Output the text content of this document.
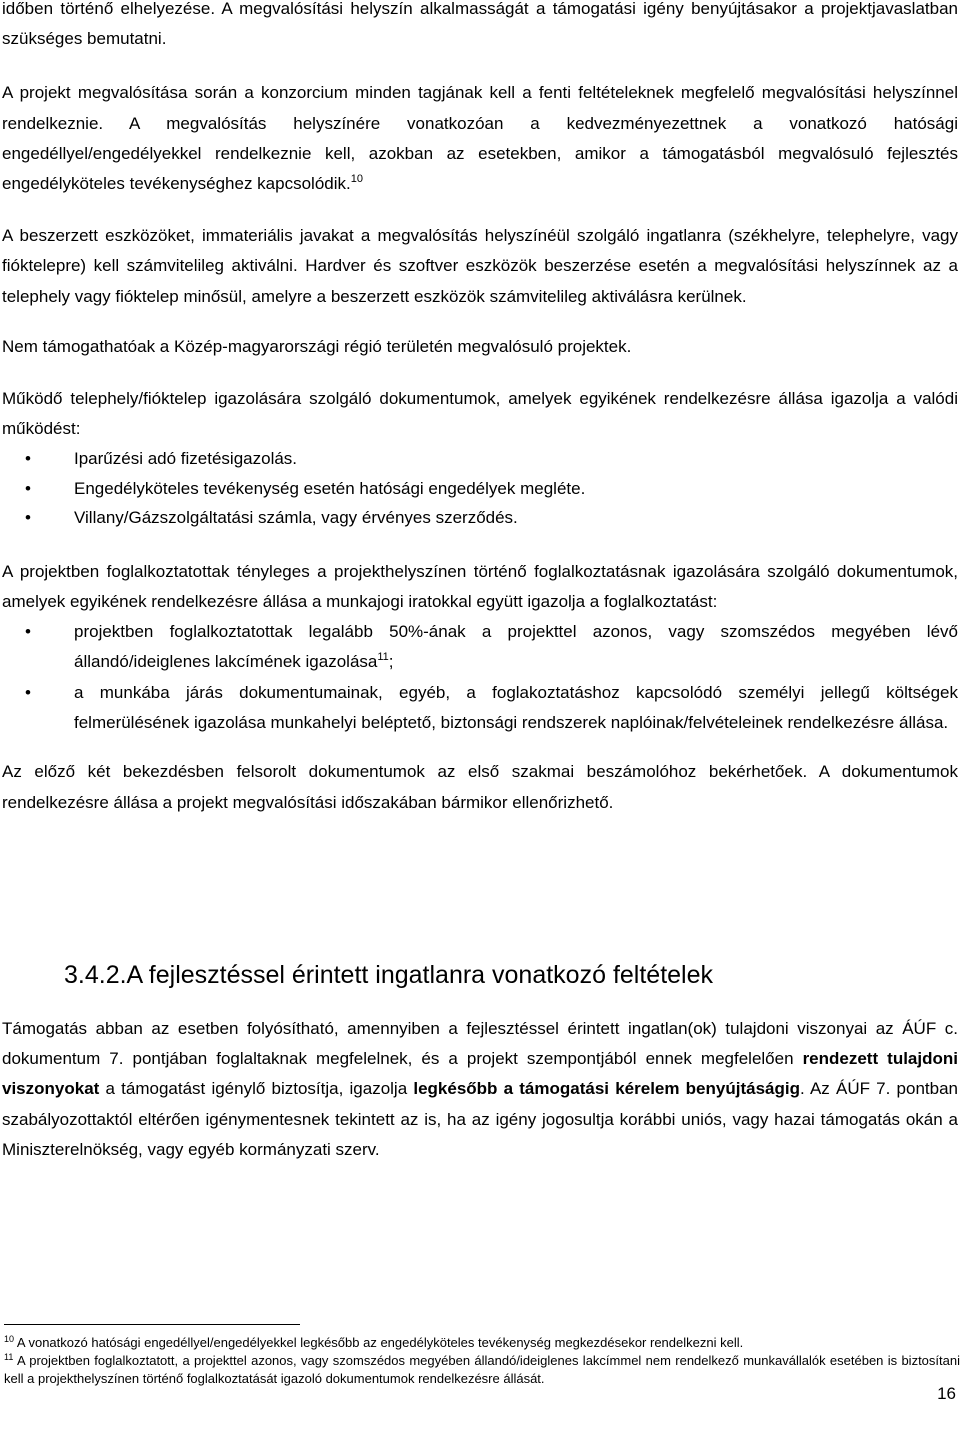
időben történő elhelyezése. A megvalósítási helyszín alkalmasságát a támogatási igény benyújtásakor a projektjavaslatban szükséges bemutatni.

A projekt megvalósítása során a konzorcium minden tagjának kell a fenti feltételeknek megfelelő megvalósítási helyszínnel rendelkeznie. A megvalósítás helyszínére vonatkozóan a kedvezményezettnek a vonatkozó hatósági engedéllyel/engedélyekkel rendelkeznie kell, azokban az esetekben, amikor a támogatásból megvalósuló fejlesztés engedélyköteles tevékenységhez kapcsolódik.$^{10}$

A beszerzett eszközöket, immateriális javakat a megvalósítás helyszínéül szolgáló ingatlanra (székhelyre, telephelyre, vagy fióktelepre) kell számvitelileg aktiválni. Hardver és szoftver eszközök beszerzése esetén a megvalósítási helyszínnek az a telephely vagy fióktelep minősül, amelyre a beszerzett eszközök számvitelileg aktiválásra kerülnek.

Nem támogathatóak a Közép-magyarországi régió területén megvalósuló projektek.

Működő telephely/fióktelep igazolására szolgáló dokumentumok, amelyek egyikének rendelkezésre állása igazolja a valódi működést:

•	Iparűzési adó fizetésigazolás.
•	Engedélyköteles tevékenység esetén hatósági engedélyek megléte.
•	Villany/Gázszolgáltatási számla, vagy érvényes szerződés.

A projektben foglalkoztatottak tényleges a projekthelyszínen történő foglalkoztatásnak igazolására szolgáló dokumentumok, amelyek egyikének rendelkezésre állása a munkajogi iratokkal együtt igazolja a foglalkoztatást:

•	projektben foglalkoztatottak legalább 50%-ának a projekttel azonos, vagy szomszédos megyében lévő állandó/ideiglenes lakcímének igazolása$^{11}$;
•	a munkába járás dokumentumainak, egyéb, a foglakoztatáshoz kapcsolódó személyi jellegű költségek felmerülésének igazolása munkahelyi beléptető, biztonsági rendszerek naplóinak/felvételeinek rendelkezésre állása.

Az előző két bekezdésben felsorolt dokumentumok az első szakmai beszámolóhoz bekérhetőek. A dokumentumok rendelkezésre állása a projekt megvalósítási időszakában bármikor ellenőrizhető.

3.4.2.A fejlesztéssel érintett ingatlanra vonatkozó feltételek

Támogatás abban az esetben folyósítható, amennyiben a fejlesztéssel érintett ingatlan(ok) tulajdoni viszonyai az ÁÚF c. dokumentum 7. pontjában foglaltaknak megfelelnek, és a projekt szempontjából ennek megfelelően rendezett tulajdoni viszonyokat a támogatást igénylő biztosítja, igazolja legkésőbb a támogatási kérelem benyújtáságig. Az ÁÚF 7. pontban szabályozottaktól eltérően igénymentesnek tekintett az is, ha az igény jogosultja korábbi uniós, vagy hazai támogatás okán a Miniszterelnökség, vagy egyéb kormányzati szerv.

$^{10}$ A vonatkozó hatósági engedéllyel/engedélyekkel legkésőbb az engedélyköteles tevékenység megkezdésekor rendelkezni kell.
$^{11}$ A projektben foglalkoztatott, a projekttel azonos, vagy szomszédos megyében állandó/ideiglenes lakcímmel nem rendelkező munkavállalók esetében is biztosítani kell a projekthelyszínen történő foglalkoztatását igazoló dokumentumok rendelkezésre állását.
16
